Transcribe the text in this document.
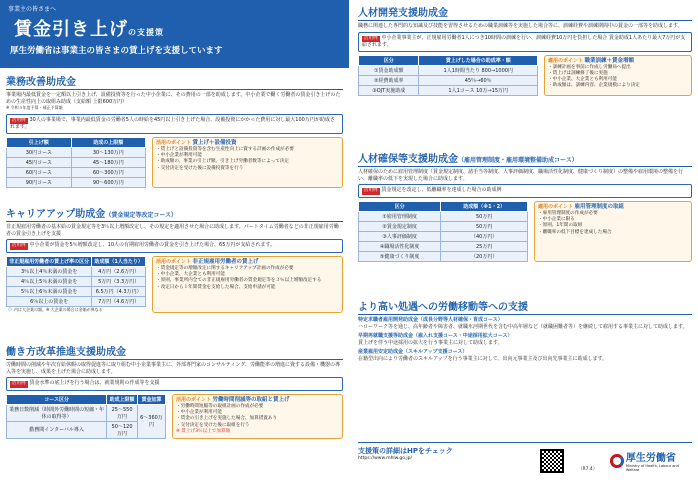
事業主の皆さまへ
賃金引き上げの支援策
厚生労働省は事業主の皆さまの賃上げを支援しています
業務改善助成金
事業場内最低賃金を一定額以上引き上げ、設備投資等を行った中小企業に、その費用の一部を助成します。中小企業で働く労働者の賃金引き上げのための生産性向上の取組み助成（支給額 上限600万円）
※ 令和５年度予算・補正予算額
活用例 30人の事業場で、事業内最低賃金の労働者5人の時給を45円以上引き上げた場合、設備投資にかかった費用に対し最大100万円が助成されます。
引上げ額	助成の上限額
30円コース	30〜130万円
45円コース	45〜180万円
60円コース	60〜300万円
90円コース	90〜600万円
活用のポイント 賃上げ＋設備投資
・賃上げと設備投資等を含む生産性向上に資する計画の作成が必要
・中小企業が利用可能
・助成額の、事業の引上げ額、引き上げ労働者数等によって決定
・交付決定を受けた後に設備投資等を行う
キャリアアップ助成金（賃金規定等改定コース）
非正規雇用労働者の基本給の賃金規定等を3％以上増額改定し、その規定を適用させた場合に助成します。パートタイム労働者などの非正規雇用労働者の賃金引き上げを支援
活用例 中小企業が賃金を5％増額改定し、10人の有期雇用労働者の賃金を引き上げた場合、65万円が支給されます。
非正規雇用労働者の賃上げ率の区分	助成額（1人当たり）
3％以上4％未満の賃金を	4万円（2.6万円）
4％以上5％未満の賃金を	5万円（3.3万円）
5％以上6％未満の賃金を	6.5万円（4.3万円）
6％以上の賃金を	7万円（4.6万円）
（）内は大企業の額。※ 大企業の場合は金額が異なる
活用のポイント 非正規雇用労働者の賃上げ
・賃金規定等の増額改定に関するキャリアアップ計画の作成が必要
・中小企業、大企業とも利用可能
・原則、事業所内全ての非正規雇用労働者の賃金規定等を３％以上増額改定する
・改定日から１年間賃金を支給した場合、支給申請が可能
働き方改革推進支援助成金
労働時間の削減や年次有給休暇の取得促進等に取り組む中小企業事業主に、外部専門家のコンサルティング、労働能率の増進に資する設備・機器の導入等を実施し、成果を上げた場合に助成します。
活用例 賃金水準の底上げを行う場合は、就業規則の作成等を支援
コース区分	助成上限額	賃金加算
業務日数削減（時間外労働時間の短縮・年休の取得等）	25〜550万円	6〜360万円
勤務間インターバル導入	50〜120万円	
活用のポイント 労働時間削減等の取組と賃上げ
・労働時間短縮等の取組計画の作成が必要
・中小企業が利用可能
・賃金の引き上げを実施した場合、加算措置あり
・交付決定を受けた後に取組を行う
※ 賃上げ3％以上で加算額
人材開発支援助成金
職務に関連した専門的な知識及び技能を習得させるための職業訓練等を実施した場合等に、訓練経費や訓練期間中の賃金の一部等を助成します。
活用例 中小企業事業主が、正規雇用労働者1人につき10時間の訓練を行い、訓練経費10万円を負担した場合 賃金助成1人あたり最大7万円が支給されます。
区分	賃上げした場合の助成率・額
①賃金助成額	1人1時間当たり 800→1000円
②経費助成率	45％→60％
③OJT実施助成	1人1コース 10万→15万円
適用のポイント 職業訓練＋賃金増額
・訓練計画を事前に作成し労働局へ提出
・賃上げは訓練修了後に実施
・中小企業、大企業とも利用可能
・助成額は、訓練内容、企業規模により決定
人材確保等支援助成金（雇用管理制度・雇用環境整備助成コース）
人材確保のために雇用管理制度（賃金規定制度、諸手当等制度、人事評価制度、職場活性化制度、健康づくり制度）の整備や雇用環境の整備を行い、離職率の低下を実現した場合に助成します。
活用例 賃金規定を改定し、低離職率を達成した場合の助成例
区分	助成額（※1・2）
①雇用管理制度	50万円
②賃金規定制度	50万円
③人事評価制度	（40万円）
④職場活性化制度	25万円
⑤健康づくり制度	（20万円）
適用のポイント 雇用管理制度の取組
・雇用管理制度の作成が必要
・中小企業に限る
・原則、1年間の取組
・離職率の低下目標を達成した場合
より高い処遇への労働移動等への支援
特定求職者雇用開発助成金（成長分野等人材確保・育成コース）
ハローワーク等を通じ、高年齢者や障害者、就職氷河期世代を含む中高年層など（就職困難者等）を継続して雇用する事業主に対して助成します。
早期再就職支援等助成金（雇入れ支援コース・中途採用拡大コース）
賃上げを伴う中途採用の拡大を行う事業主に対して助成します。
産業雇用安定助成金（スキルアップ支援コース）
在籍型出向により労働者のスキルアップを行う事業主に対して、出向元事業主及び出向先事業主に助成します。
支援策の詳細はHPをチェック
https://www.mhlw.go.jp/
（R7.4）
厚生労働省
Ministry of Health, Labour and Welfare
